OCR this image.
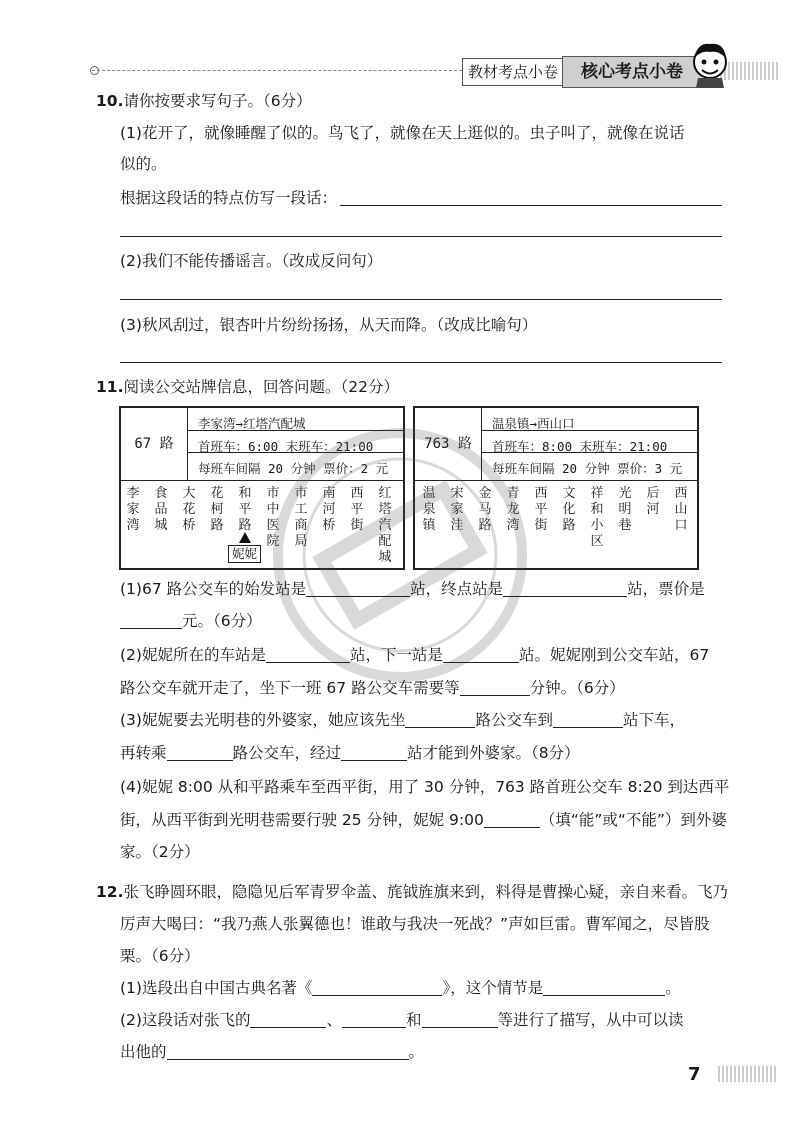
教材考点小卷	核心考点小卷
10.请你按要求写句子。（6分）
(1)花开了，就像睡醒了似的。鸟飞了，就像在天上逛似的。虫子叫了，就像在说话
似的。
根据这段话的特点仿写一段话：
(2)我们不能传播谣言。（改成反问句）
(3)秋风刮过，银杏叶片纷纷扬扬，从天而降。（改成比喻句）
11.阅读公交站牌信息，回答问题。（22分）
67 路
李家湾→红塔汽配城
首班车：6:00 末班车：21:00
每班车间隔 20 分钟 票价：2 元
李家湾
食品城
大花桥
花柯路
和平路
市中医院
市工商局
南河桥
西平街
红塔汽配城
妮妮
763 路
温泉镇→西山口
首班车：8:00 末班车：21:00
每班车间隔 20 分钟 票价：3 元
温泉镇
宋家洼
金马路
青龙湾
西平街
文化路
祥和小区
光明巷
后河
西山口
(1)67 路公交车的始发站是	站，终点站是	站，票价是
元。（6分）
(2)妮妮所在的车站是	站，下一站是	站。妮妮刚到公交车站，67
路公交车就开走了，坐下一班 67 路公交车需要等	分钟。（6分）
(3)妮妮要去光明巷的外婆家，她应该先坐	路公交车到	站下车，
再转乘	路公交车，经过	站才能到外婆家。（8分）
(4)妮妮 8:00 从和平路乘车至西平街，用了 30 分钟，763 路首班公交车 8:20 到达西平
街，从西平街到光明巷需要行驶 25 分钟，妮妮 9:00	（填“能”或“不能”）到外婆
家。（2分）
12.张飞睁圆环眼，隐隐见后军青罗伞盖、旄钺旌旗来到，料得是曹操心疑，亲自来看。飞乃
厉声大喝曰：“我乃燕人张翼德也！谁敢与我决一死战？”声如巨雷。曹军闻之，尽皆股
栗。（6分）
(1)选段出自中国古典名著《	》，这个情节是	。
(2)这段话对张飞的	、	和	等进行了描写，从中可以读
出他的	。
7
